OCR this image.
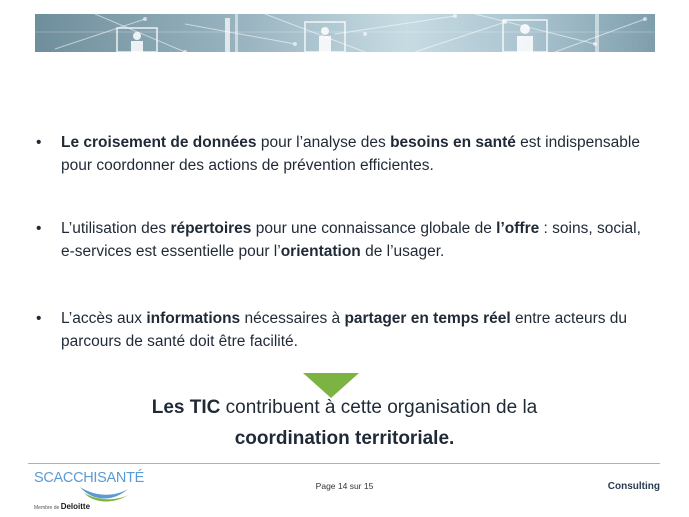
•	Le croisement de données pour l’analyse des besoins en santé est indispensable pour coordonner des actions de prévention efficientes.
•	L’utilisation des répertoires pour une connaissance globale de l’offre : soins, social, e-services est essentielle pour l’orientation de l’usager.
•	L’accès aux informations nécessaires à partager en temps réel entre acteurs du parcours de santé doit être facilité.
Les TIC contribuent à cette organisation de la
coordination territoriale.
SCACCHISANTÉ
Membre de Deloitte
Page 14 sur 15	Consulting
